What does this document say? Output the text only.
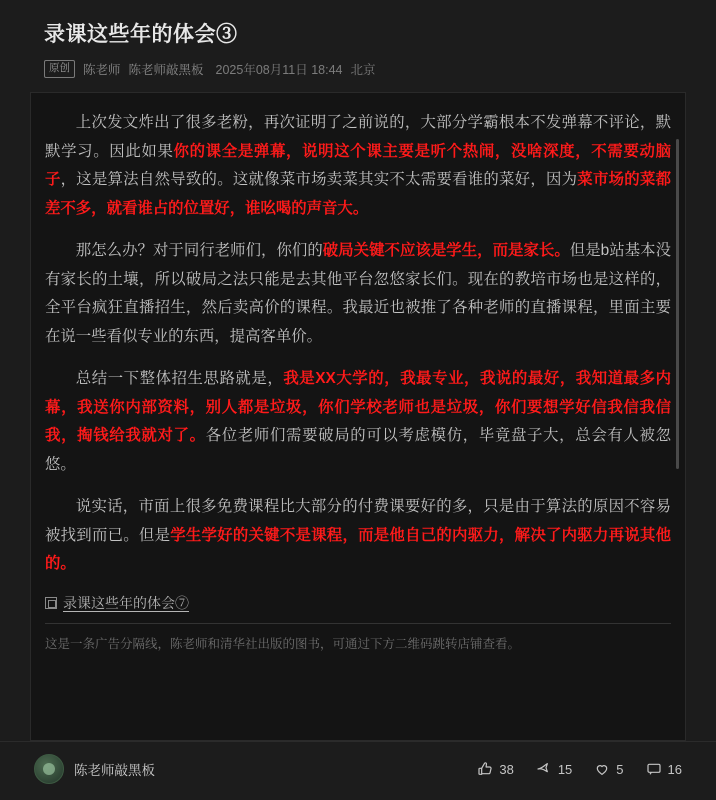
录课这些年的体会③
原创	陈老师 陈老师敲黑板 2025年08月11日 18:44 北京

上次发文炸出了很多老粉，再次证明了之前说的，大部分学霸根本不发弹幕不评论，默默学习。因此如果你的课全是弹幕，说明这个课主要是听个热闹，没啥深度，不需要动脑子，这是算法自然导致的。这就像菜市场卖菜其实不太需要看谁的菜好，因为菜市场的菜都差不多，就看谁占的位置好，谁吆喝的声音大。

那怎么办？对于同行老师们，你们的破局关键不应该是学生，而是家长。但是b站基本没有家长的土壤，所以破局之法只能是去其他平台忽悠家长们。现在的教培市场也是这样的，全平台疯狂直播招生，然后卖高价的课程。我最近也被推了各种老师的直播课程，里面主要在说一些看似专业的东西，提高客单价。

总结一下整体招生思路就是，我是XX大学的，我最专业，我说的最好，我知道最多内幕，我送你内部资料，别人都是垃圾，你们学校老师也是垃圾，你们要想学好信我信我信我，掏钱给我就对了。各位老师们需要破局的可以考虑模仿，毕竟盘子大，总会有人被忽悠。

说实话，市面上很多免费课程比大部分的付费课要好的多，只是由于算法的原因不容易被找到而已。但是学生学好的关键不是课程，而是他自己的内驱力，解决了内驱力再说其他的。

录课这些年的体会⑦
这是一条广告分隔线，陈老师和清华社出版的图书，可通过下方二维码跳转店铺查看。
陈老师敲黑板	38	15	5	16
